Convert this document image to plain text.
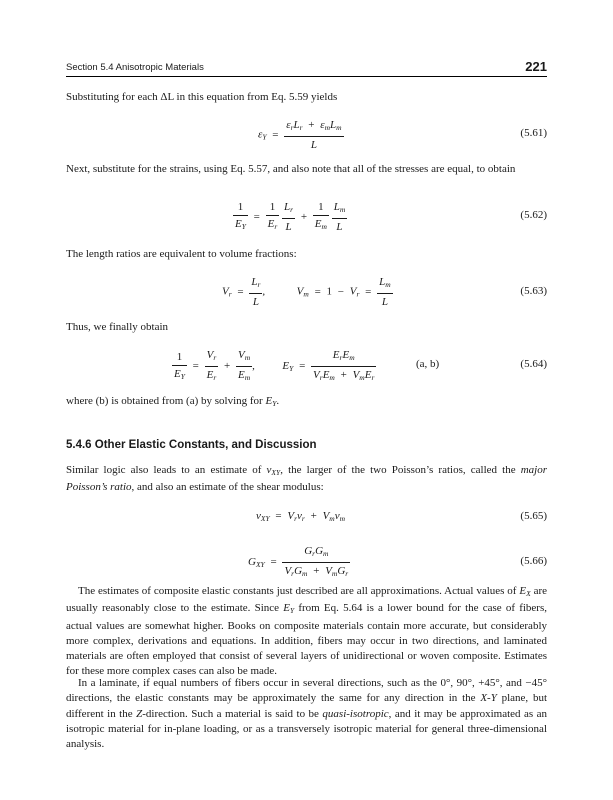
Section 5.4 Anisotropic Materials	221

Substituting for each ΔL in this equation from Eq. 5.59 yields

$\varepsilon_Y = \frac{\varepsilon_rL_r + \varepsilon_mL_m}{L}$	(5.61)

Next, substitute for the strains, using Eq. 5.57, and also note that all of the stresses are equal, to obtain

$\frac{1}{E_Y} = \frac{1}{E_r}$
$\frac{L_r}{L} + \frac{1}{E_m}$
$\frac{L_m}{L}$	(5.62)

The length ratios are equivalent to volume fractions:

$V_r = \frac{L_r}{L}$ ,  $V_m = 1 - V_r = \frac{L_m}{L}$	(5.63)

Thus, we finally obtain

$\frac{1}{E_Y} = \frac{V_r}{E_r} + \frac{V_m}{E_m}$ ,  $E_Y = \frac{E_rE_m}{V_rE_m + V_mE_r}$	(a, b)	(5.64)

where (b) is obtained from (a) by solving for $E_Y$.

5.4.6 Other Elastic Constants, and Discussion

Similar logic also leads to an estimate of $\nu_{XY}$, the larger of the two Poisson’s ratios, called the major Poisson’s ratio, and also an estimate of the shear modulus:

$\nu_{XY} = V_r\nu_r + V_m\nu_m$	(5.65)
$G_{XY} = \frac{G_rG_m}{V_rG_m + V_mG_r}$	(5.66)

The estimates of composite elastic constants just described are all approximations. Actual values of $E_X$ are usually reasonably close to the estimate. Since $E_Y$ from Eq. 5.64 is a lower bound for the case of fibers, actual values are somewhat higher. Books on composite materials contain more accurate, but considerably more complex, derivations and equations. In addition, fibers may occur in two directions, and laminated materials are often employed that consist of several layers of unidirectional or woven composite. Estimates for these more complex cases can also be made.

In a laminate, if equal numbers of fibers occur in several directions, such as the 0°, 90°, +45°, and −45° directions, the elastic constants may be approximately the same for any direction in the X-Y plane, but different in the Z-direction. Such a material is said to be quasi-isotropic, and it may be approximated as an isotropic material for in-plane loading, or as a transversely isotropic material for general three-dimensional analysis.
